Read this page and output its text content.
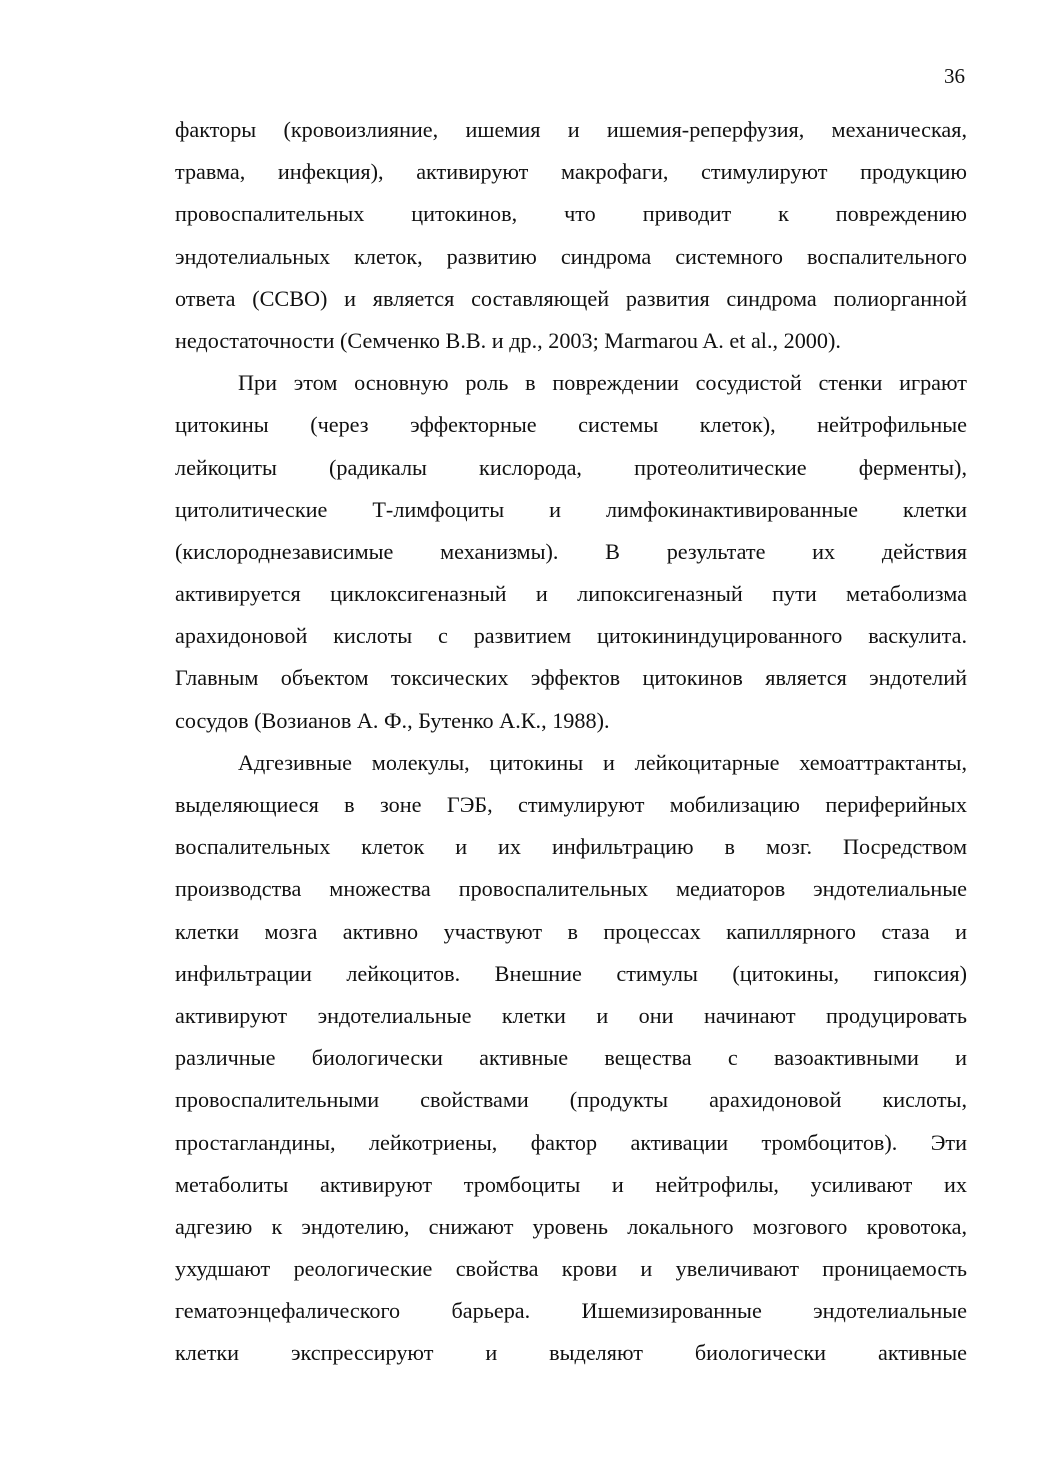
36
факторы (кровоизлияние, ишемия и ишемия-реперфузия, механическая,
травма, инфекция), активируют макрофаги, стимулируют продукцию
провоспалительных цитокинов, что приводит к повреждению
эндотелиальных клеток, развитию синдрома системного воспалительного
ответа (ССВО) и является составляющей развития синдрома полиорганной
недостаточности (Семченко В.В. и др., 2003; Marmarou A. et al., 2000).
При этом основную роль в повреждении сосудистой стенки играют
цитокины (через эффекторные системы клеток), нейтрофильные
лейкоциты (радикалы кислорода, протеолитические ферменты),
цитолитические Т-лимфоциты и лимфокинактивированные клетки
(кислороднезависимые механизмы). В результате их действия
активируется циклоксигеназный и липоксигеназный пути метаболизма
арахидоновой кислоты с развитием цитокининдуцированного васкулита.
Главным объектом токсических эффектов цитокинов является эндотелий
сосудов (Возианов А. Ф., Бутенко А.К., 1988).
Адгезивные молекулы, цитокины и лейкоцитарные хемоаттрактанты,
выделяющиеся в зоне ГЭБ, стимулируют мобилизацию периферийных
воспалительных клеток и их инфильтрацию в мозг. Посредством
производства множества провоспалительных медиаторов эндотелиальные
клетки мозга активно участвуют в процессах капиллярного стаза и
инфильтрации лейкоцитов. Внешние стимулы (цитокины, гипоксия)
активируют эндотелиальные клетки и они начинают продуцировать
различные биологически активные вещества с вазоактивными и
провоспалительными свойствами (продукты арахидоновой кислоты,
простагландины, лейкотриены, фактор активации тромбоцитов). Эти
метаболиты активируют тромбоциты и нейтрофилы, усиливают их
адгезию к эндотелию, снижают уровень локального мозгового кровотока,
ухудшают реологические свойства крови и увеличивают проницаемость
гематоэнцефалического барьера. Ишемизированные эндотелиальные
клетки экспрессируют и выделяют биологически активные
